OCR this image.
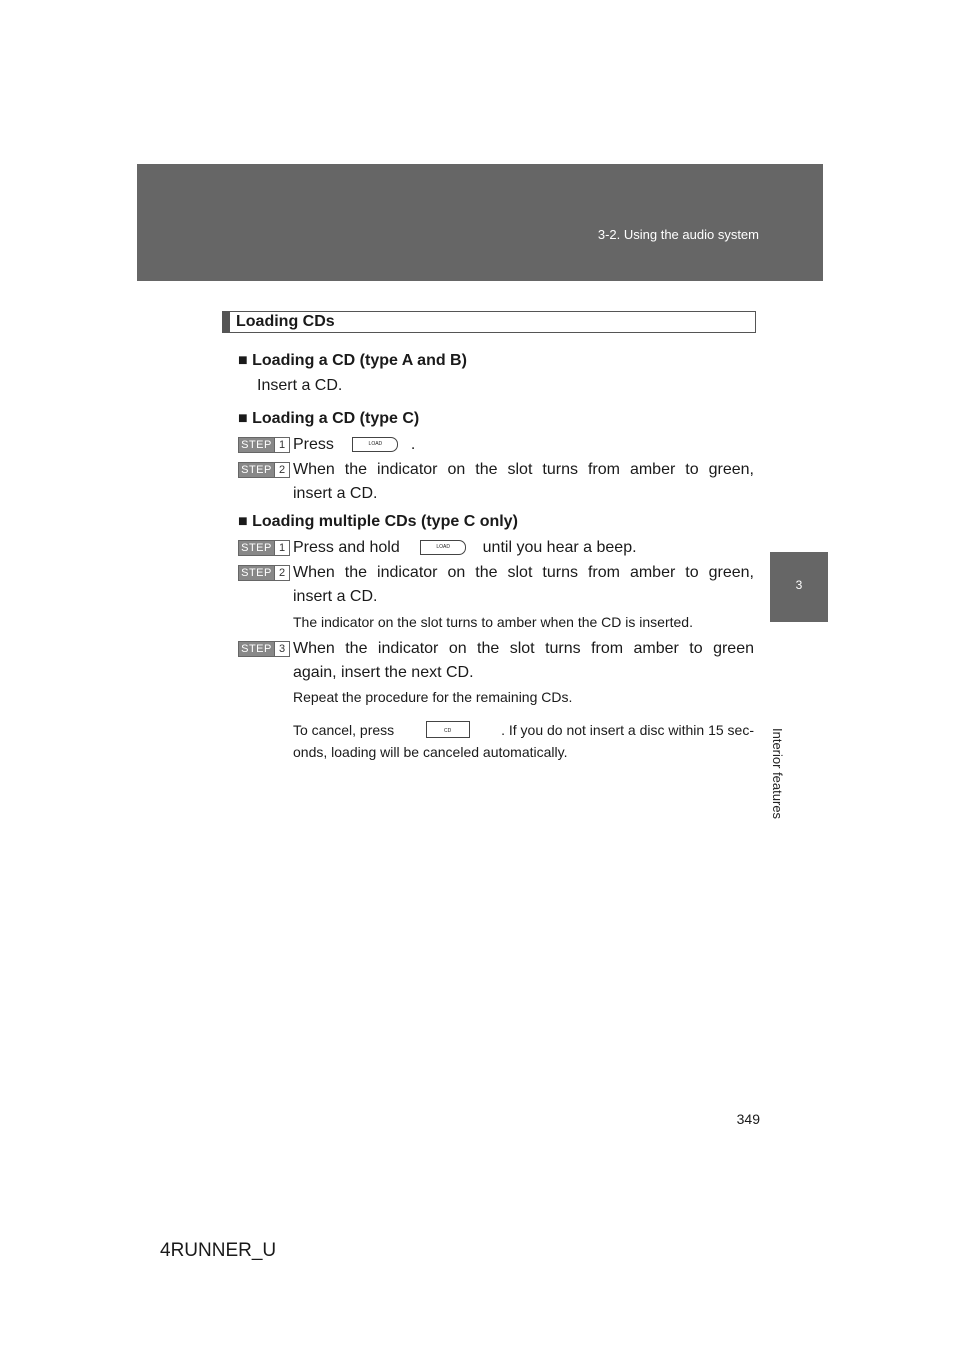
3-2. Using the audio system
3
Interior features
Loading CDs
■ Loading a CD (type A and B)
Insert a CD.
■ Loading a CD (type C)
STEP 1 Press	LOAD .
STEP 2 When the indicator on the slot turns from amber to green,
insert a CD.
■ Loading multiple CDs (type C only)
STEP 1 Press and hold	LOAD until you hear a beep.
STEP 2 When the indicator on the slot turns from amber to green,
insert a CD.
The indicator on the slot turns to amber when the CD is inserted.
STEP 3 When the indicator on the slot turns from amber to green
again, insert the next CD.
Repeat the procedure for the remaining CDs.
To cancel, press	CD	. If you do not insert a disc within 15 sec-
onds, loading will be canceled automatically.
349
4RUNNER_U
